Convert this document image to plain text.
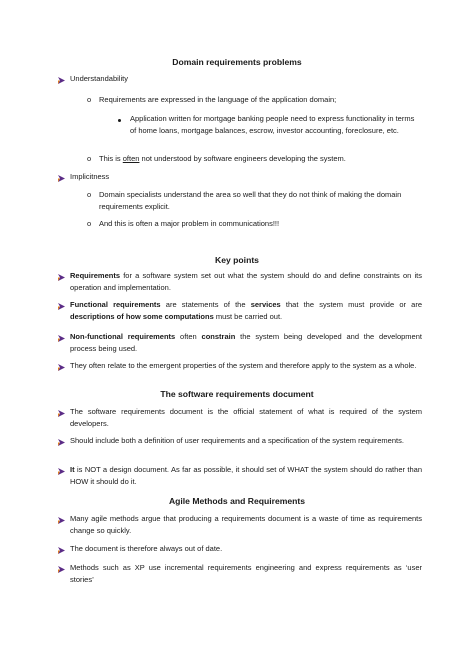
Domain requirements problems
Understandability
o Requirements are expressed in the language of the application domain;
Application written for mortgage banking people need to express functionality in terms of home loans, mortgage balances, escrow, investor accounting, foreclosure, etc.
o This is often not understood by software engineers developing the system.
Implicitness
o Domain specialists understand the area so well that they do not think of making the domain requirements explicit.
o And this is often a major problem in communications!!!
Key points
Requirements for a software system set out what the system should do and define constraints on its operation and implementation.
Functional requirements are statements of the services that the system must provide or are descriptions of how some computations must be carried out.
Non-functional requirements often constrain the system being developed and the development process being used.
They often relate to the emergent properties of the system and therefore apply to the system as a whole.
The software requirements document
The software requirements document is the official statement of what is required of the system developers.
Should include both a definition of user requirements and a specification of the system requirements.
It is NOT a design document. As far as possible, it should set of WHAT the system should do rather than HOW it should do it.
Agile Methods and Requirements
Many agile methods argue that producing a requirements document is a waste of time as requirements change so quickly.
The document is therefore always out of date.
Methods such as XP use incremental requirements engineering and express requirements as ‘user stories’
